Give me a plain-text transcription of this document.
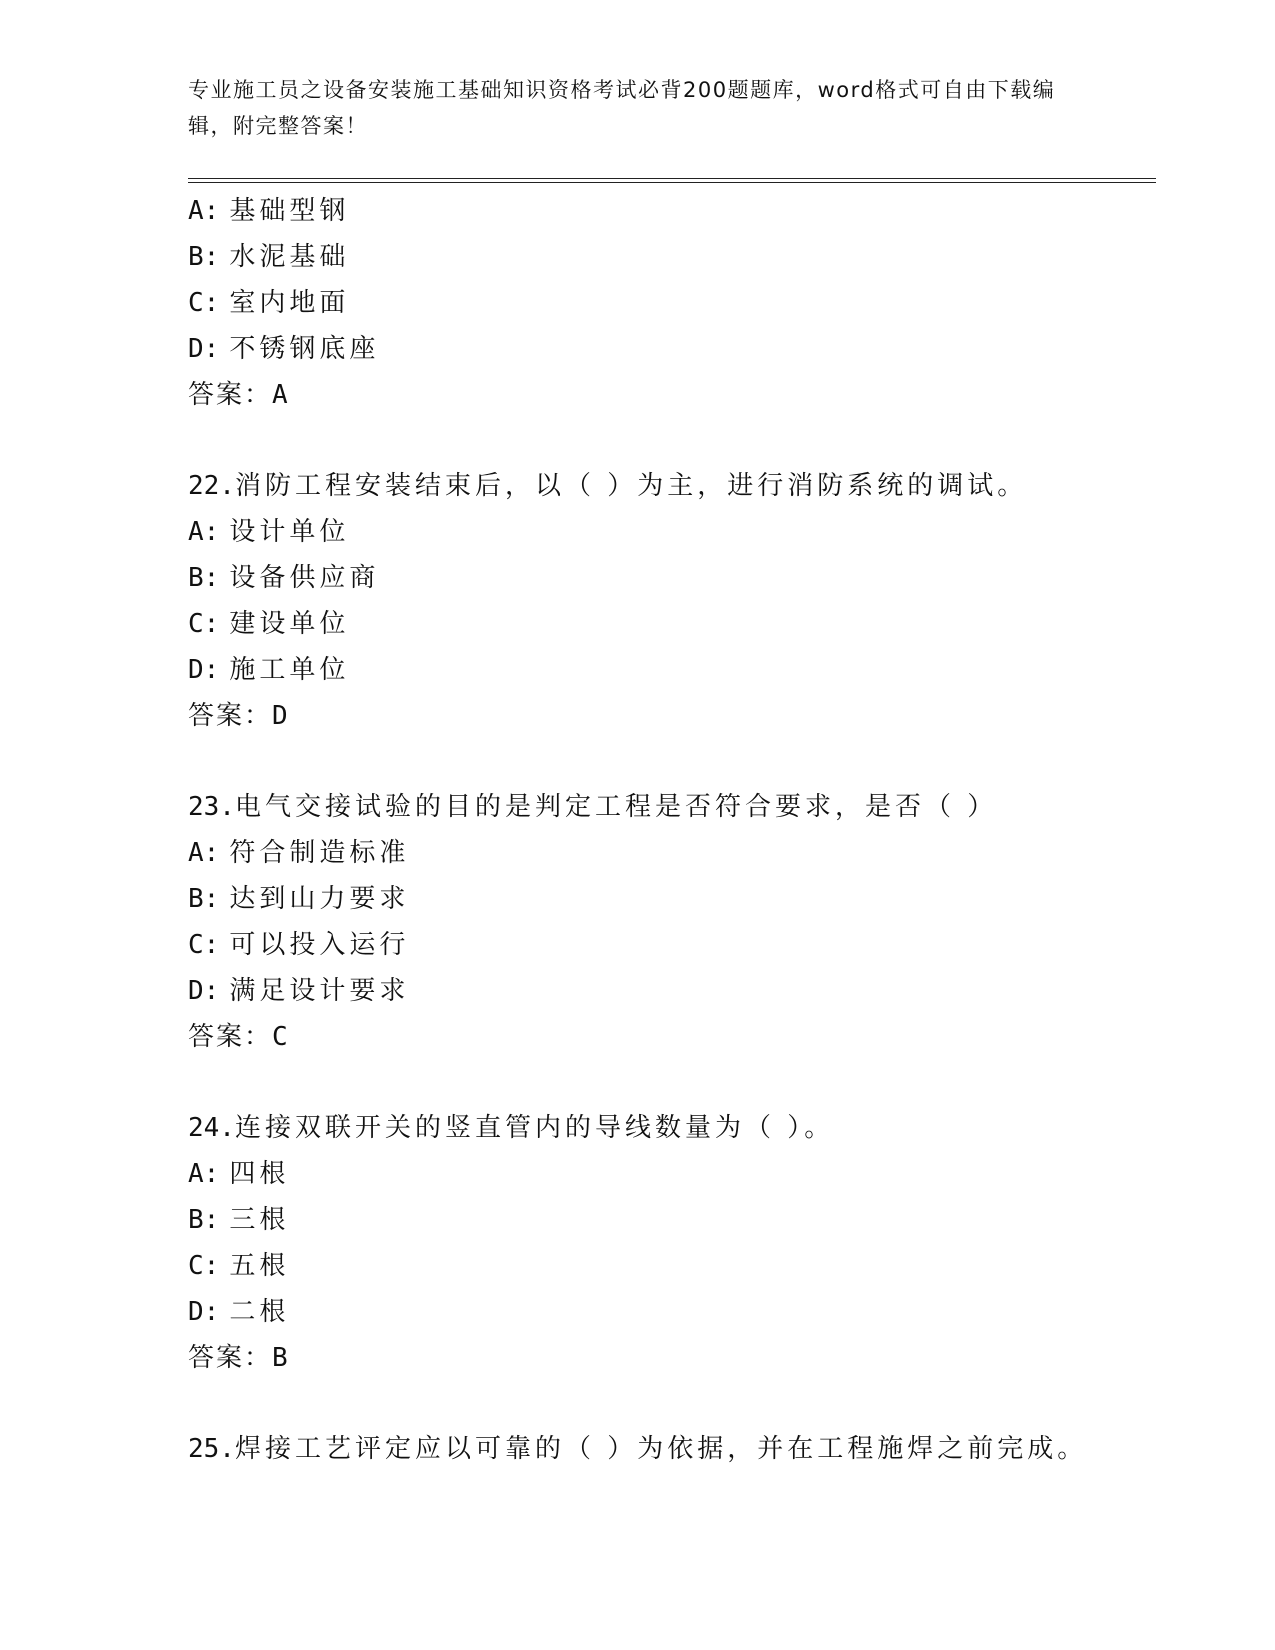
专业施工员之设备安装施工基础知识资格考试必背200题题库，word格式可自由下载编辑，附完整答案！
A: 基础型钢
B: 水泥基础
C: 室内地面
D: 不锈钢底座
答案：A
22.消防工程安装结束后，以（ ）为主，进行消防系统的调试。
A: 设计单位
B: 设备供应商
C: 建设单位
D: 施工单位
答案：D
23.电气交接试验的目的是判定工程是否符合要求，是否（ ）
A: 符合制造标准
B: 达到山力要求
C: 可以投入运行
D: 满足设计要求
答案：C
24.连接双联开关的竖直管内的导线数量为（ ）。
A: 四根
B: 三根
C: 五根
D: 二根
答案：B
25.焊接工艺评定应以可靠的（ ）为依据，并在工程施焊之前完成。
